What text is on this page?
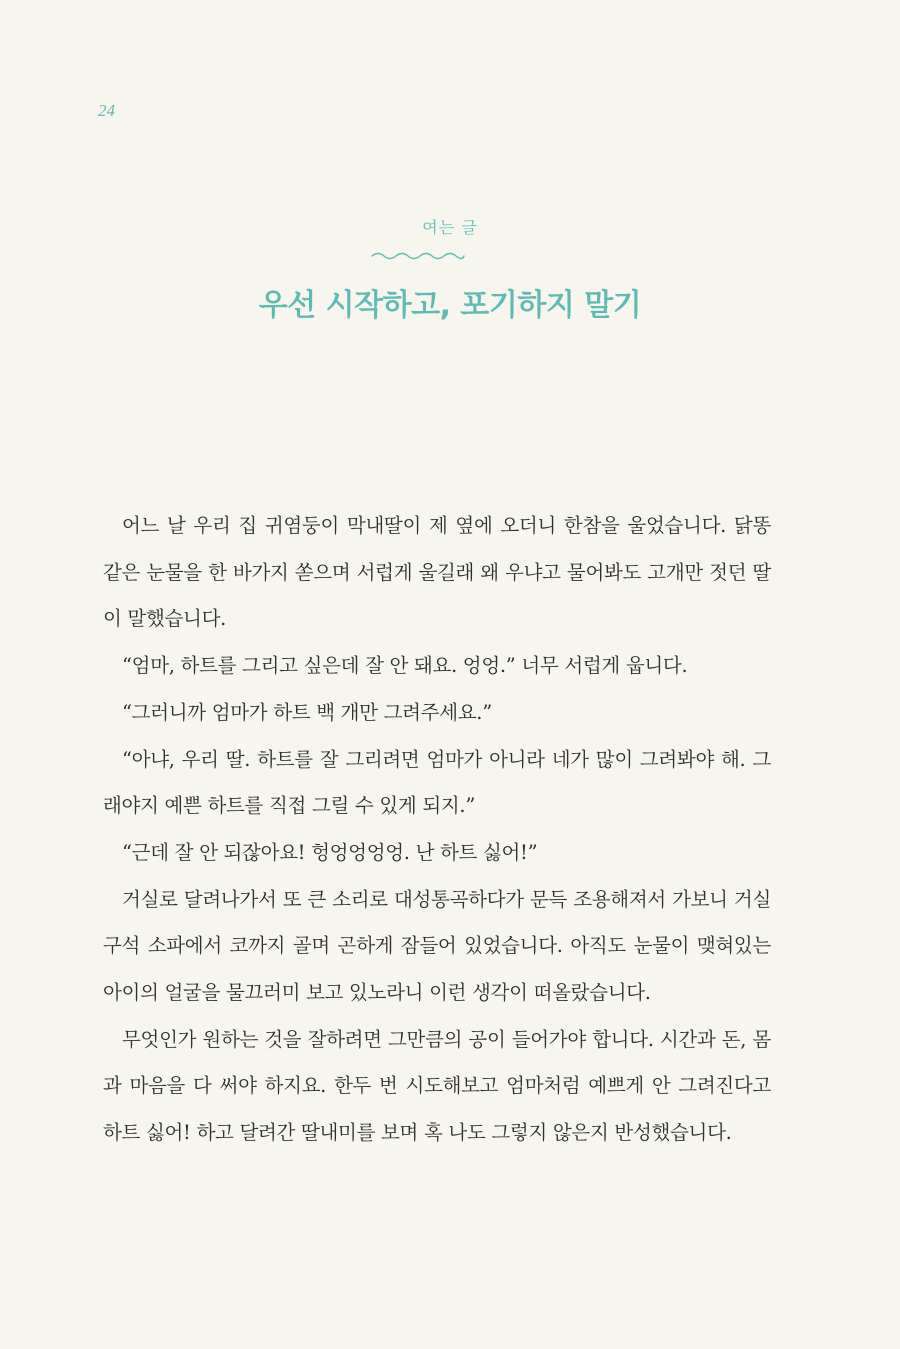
24
여는 글
우선 시작하고, 포기하지 말기

어느 날 우리 집 귀염둥이 막내딸이 제 옆에 오더니 한참을 울었습니다. 닭똥 같은 눈물을 한 바가지 쏟으며 서럽게 울길래 왜 우냐고 물어봐도 고개만 젓던 딸이 말했습니다.

“엄마, 하트를 그리고 싶은데 잘 안 돼요. 엉엉.” 너무 서럽게 웁니다.

“그러니까 엄마가 하트 백 개만 그려주세요.”

“아냐, 우리 딸. 하트를 잘 그리려면 엄마가 아니라 네가 많이 그려봐야 해. 그래야지 예쁜 하트를 직접 그릴 수 있게 되지.”

“근데 잘 안 되잖아요! 헝엉엉엉엉. 난 하트 싫어!”

거실로 달려나가서 또 큰 소리로 대성통곡하다가 문득 조용해져서 가보니 거실 구석 소파에서 코까지 골며 곤하게 잠들어 있었습니다. 아직도 눈물이 맺혀있는 아이의 얼굴을 물끄러미 보고 있노라니 이런 생각이 떠올랐습니다.

무엇인가 원하는 것을 잘하려면 그만큼의 공이 들어가야 합니다. 시간과 돈, 몸과 마음을 다 써야 하지요. 한두 번 시도해보고 엄마처럼 예쁘게 안 그려진다고 하트 싫어! 하고 달려간 딸내미를 보며 혹 나도 그렇지 않은지 반성했습니다.
